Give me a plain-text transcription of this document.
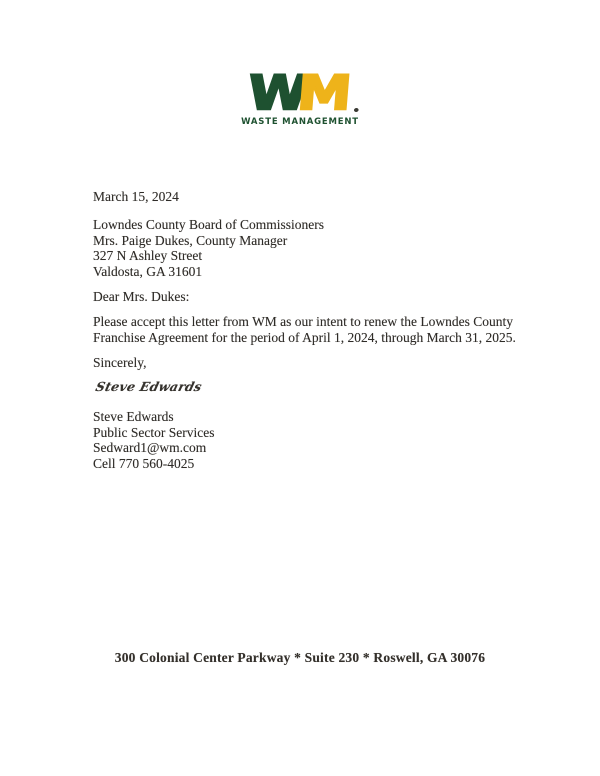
W
M
WASTE MANAGEMENT
March 15, 2024
Lowndes County Board of Commissioners
Mrs. Paige Dukes, County Manager
327 N Ashley Street
Valdosta, GA 31601
Dear Mrs. Dukes:
Please accept this letter from WM as our intent to renew the Lowndes County
Franchise Agreement for the period of April 1, 2024, through March 31, 2025.
Sincerely,
Steve Edwards
Steve Edwards
Public Sector Services
Sedward1@wm.com
Cell 770 560-4025
300 Colonial Center Parkway * Suite 230 * Roswell, GA 30076
